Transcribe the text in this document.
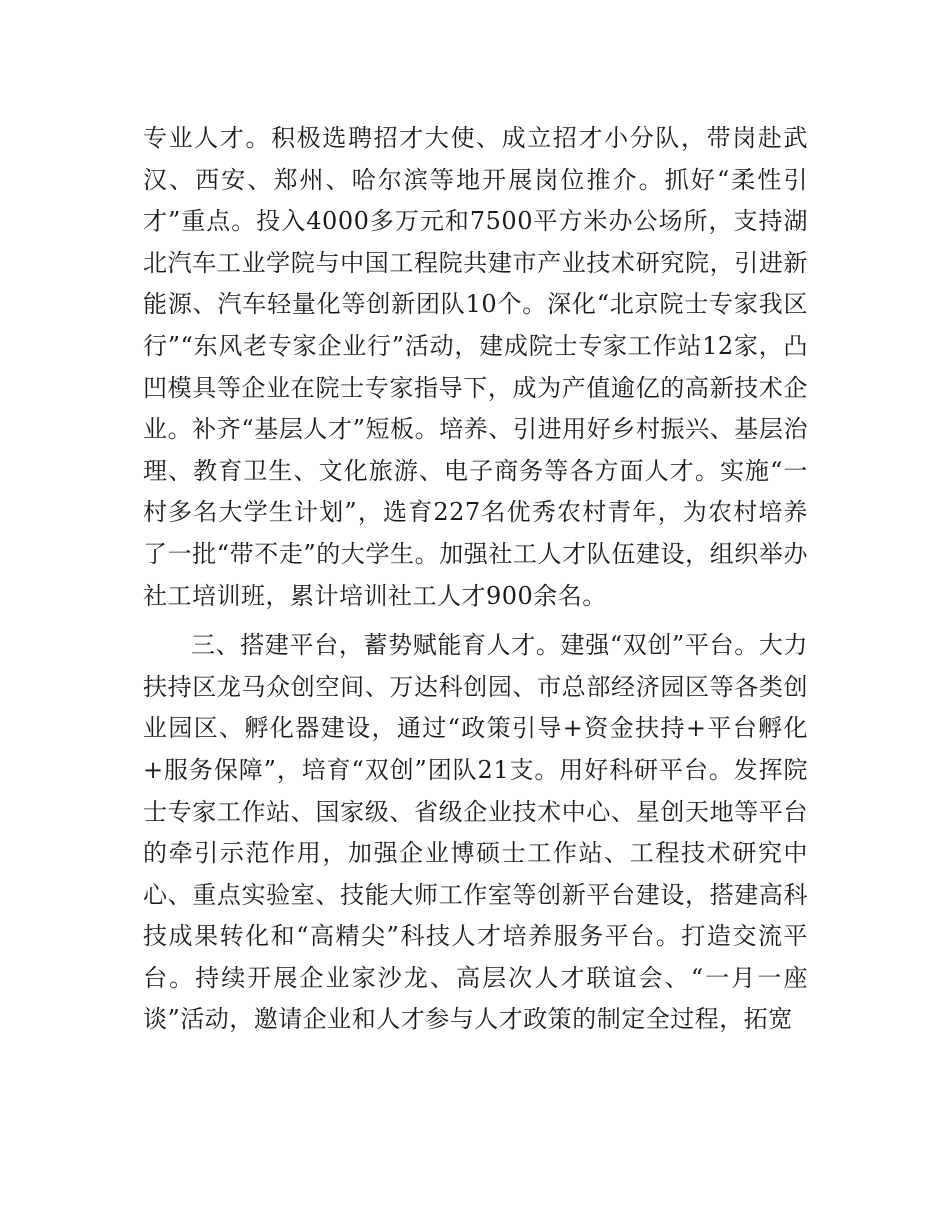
专业人才。积极选聘招才大使、成立招才小分队，带岗赴武汉、西安、郑州、哈尔滨等地开展岗位推介。抓好“柔性引才”重点。投入4000多万元和7500平方米办公场所，支持湖北汽车工业学院与中国工程院共建市产业技术研究院，引进新能源、汽车轻量化等创新团队10个。深化“北京院士专家我区行”“东风老专家企业行”活动，建成院士专家工作站12家，凸凹模具等企业在院士专家指导下，成为产值逾亿的高新技术企业。补齐“基层人才”短板。培养、引进用好乡村振兴、基层治理、教育卫生、文化旅游、电子商务等各方面人才。实施“一村多名大学生计划”，选育227名优秀农村青年，为农村培养了一批“带不走”的大学生。加强社工人才队伍建设，组织举办社工培训班，累计培训社工人才900余名。

三、搭建平台，蓄势赋能育人才。建强“双创”平台。大力扶持区龙马众创空间、万达科创园、市总部经济园区等各类创业园区、孵化器建设，通过“政策引导+资金扶持+平台孵化+服务保障”，培育“双创”团队21支。用好科研平台。发挥院士专家工作站、国家级、省级企业技术中心、星创天地等平台的牵引示范作用，加强企业博硕士工作站、工程技术研究中心、重点实验室、技能大师工作室等创新平台建设，搭建高科技成果转化和“高精尖”科技人才培养服务平台。打造交流平台。持续开展企业家沙龙、高层次人才联谊会、“一月一座谈”活动，邀请企业和人才参与人才政策的制定全过程，拓宽
